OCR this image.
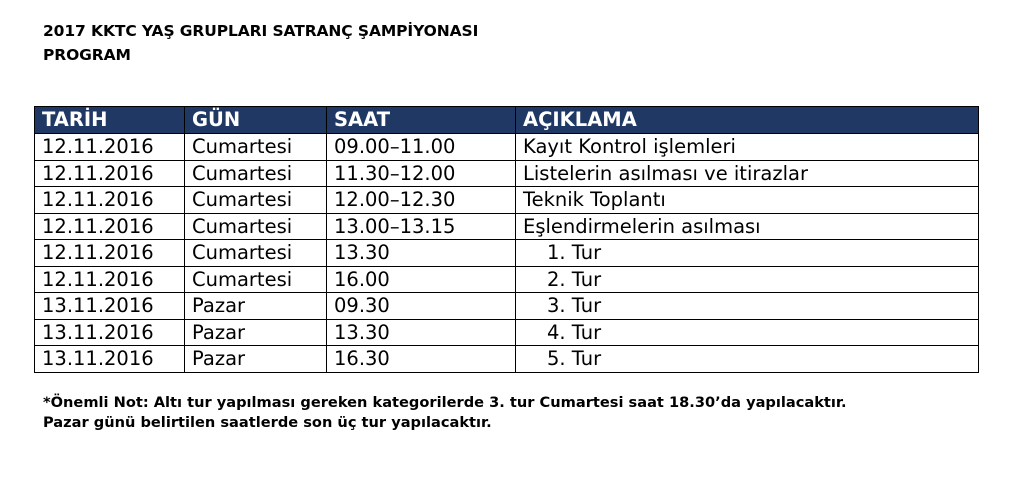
2017 KKTC YAŞ GRUPLARI SATRANÇ ŞAMPİYONASI
PROGRAM
TARİH	GÜN	SAAT	AÇIKLAMA
12.11.2016	Cumartesi	09.00–11.00	Kayıt Kontrol işlemleri
12.11.2016	Cumartesi	11.30–12.00	Listelerin asılması ve itirazlar
12.11.2016	Cumartesi	12.00–12.30	Teknik Toplantı
12.11.2016	Cumartesi	13.00–13.15	Eşlendirmelerin asılması
12.11.2016	Cumartesi	13.30	1. Tur
12.11.2016	Cumartesi	16.00	2. Tur
13.11.2016	Pazar	09.30	3. Tur
13.11.2016	Pazar	13.30	4. Tur
13.11.2016	Pazar	16.30	5. Tur
*Önemli Not: Altı tur yapılması gereken kategorilerde 3. tur Cumartesi saat 18.30’da yapılacaktır.
Pazar günü belirtilen saatlerde son üç tur yapılacaktır.
